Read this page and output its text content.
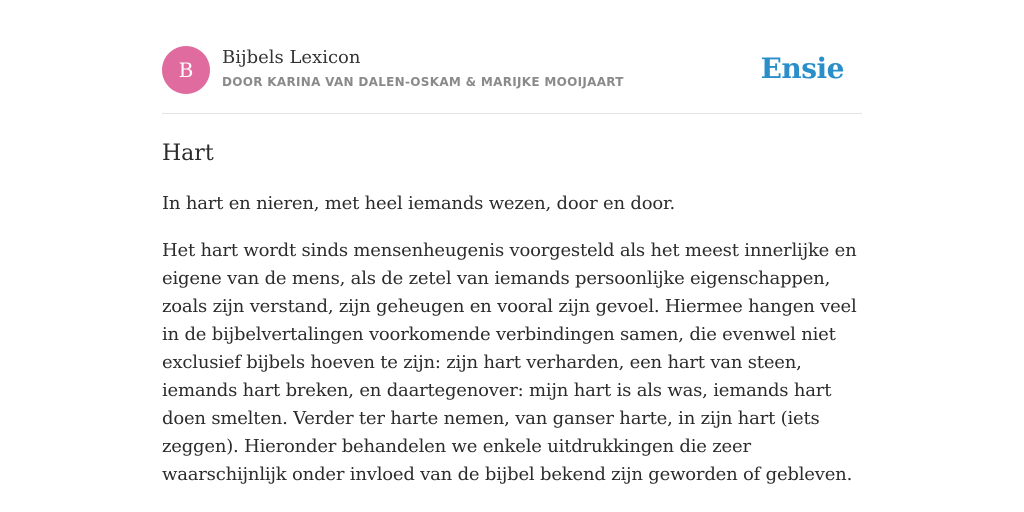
B
Bijbels Lexicon
DOOR KARINA VAN DALEN-OSKAM & MARIJKE MOOIJAART	Ensie
Hart

In hart en nieren, met heel iemands wezen, door en door.

Het hart wordt sinds mensenheugenis voorgesteld als het meest innerlijke en eigene van de mens, als de zetel van iemands persoonlijke eigenschappen, zoals zijn verstand, zijn geheugen en vooral zijn gevoel. Hiermee hangen veel in de bijbelvertalingen voorkomende verbindingen samen, die evenwel niet exclusief bijbels hoeven te zijn: zijn hart verharden, een hart van steen, iemands hart breken, en daartegenover: mijn hart is als was, iemands hart doen smelten. Verder ter harte nemen, van ganser harte, in zijn hart (iets zeggen). Hieronder behandelen we enkele uitdrukkingen die zeer waarschijnlijk onder invloed van de bijbel bekend zijn geworden of gebleven.
